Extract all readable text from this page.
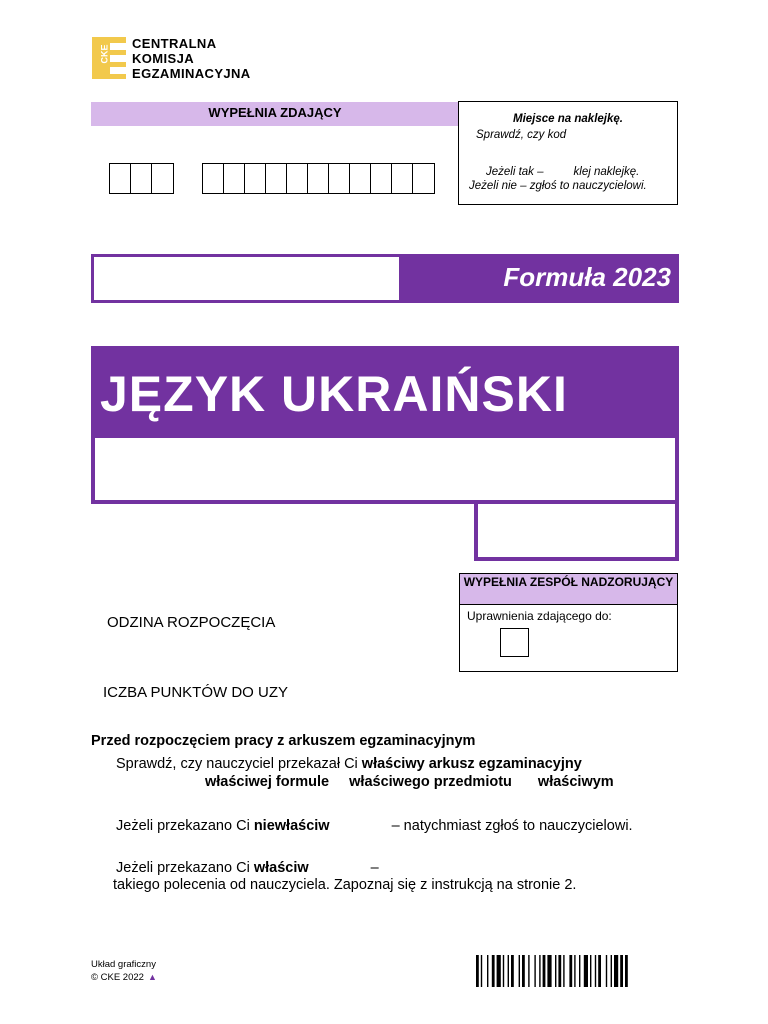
CKE
CENTRALNA
KOMISJA
EGZAMINACYJNA
WYPEŁNIA ZDAJĄCY	Miejsce na naklejkę.
Sprawdź, czy kod
Jeżeli tak –	klej naklejkę.
Jeżeli nie – zgłoś to nauczycielowi.
Formuła 2023
JĘZYK UKRAIŃSKI
WYPEŁNIA ZESPÓŁ NADZORUJĄCY
Uprawnienia zdającego do:
ODZINA ROZPOCZĘCIA
ICZBA PUNKTÓW DO UZY
Przed rozpoczęciem pracy z arkuszem egzaminacyjnym
Sprawdź, czy nauczyciel przekazał Ci właściwy arkusz egzaminacyjny
właściwej formule właściwego przedmiotu właściwym
Jeżeli przekazano Ci niewłaściw	– natychmiast zgłoś to nauczycielowi.
Jeżeli przekazano Ci właściw	–
takiego polecenia od nauczyciela. Zapoznaj się z instrukcją na stronie 2.
Układ graficzny
© CKE 2022 ▲
